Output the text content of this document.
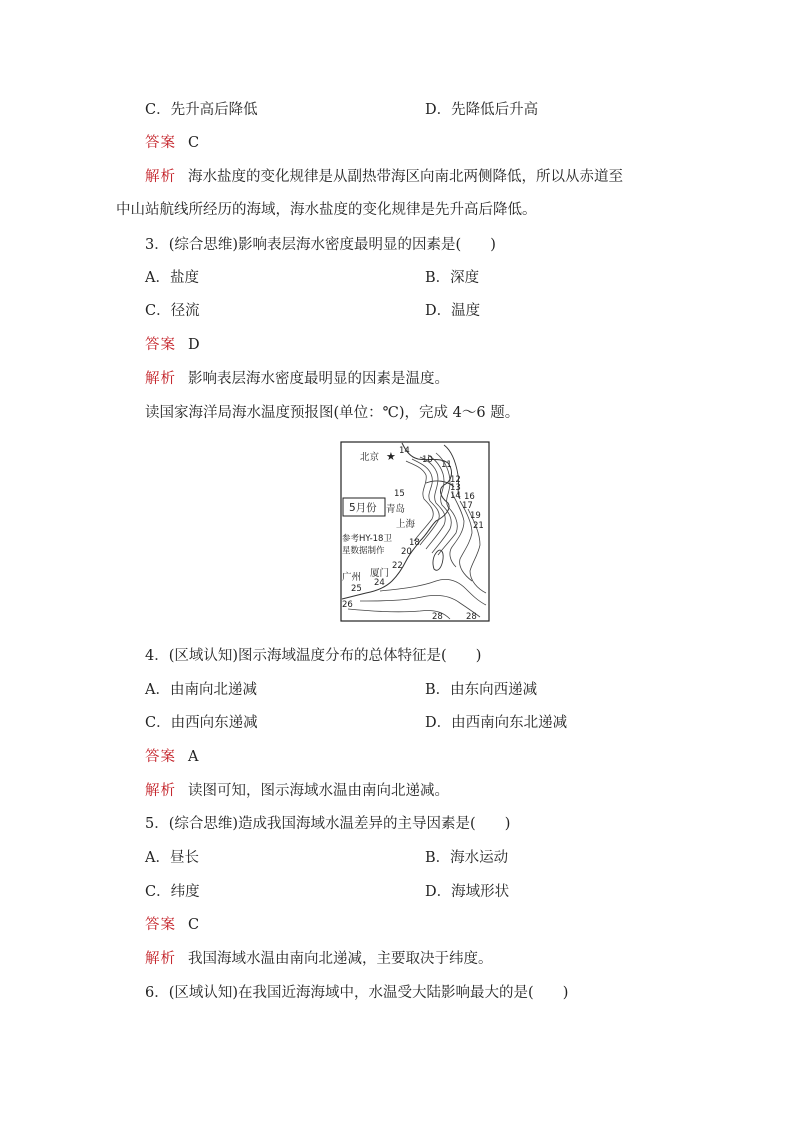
C．先升高后降低	D．先降低后升高
答案 C
解析 海水盐度的变化规律是从副热带海区向南北两侧降低，所以从赤道至
中山站航线所经历的海域，海水盐度的变化规律是先升高后降低。
3．(综合思维)影响表层海水密度最明显的因素是(　　)
A．盐度	B．深度
C．径流	D．温度
答案 D
解析 影响表层海水密度最明显的因素是温度。
读国家海洋局海水温度预报图(单位：℃)，完成 4～6 题。
★
北京
青岛
上海
厦门
广州
5月份
参考HY-18卫
星数据制作
14
10 11
12
13
14
15	16
17
19
21
18
20
22
24
25
26
28	28
4．(区域认知)图示海域温度分布的总体特征是(　　)
A．由南向北递减	B．由东向西递减
C．由西向东递减	D．由西南向东北递减
答案 A
解析 读图可知，图示海域水温由南向北递减。
5．(综合思维)造成我国海域水温差异的主导因素是(　　)
A．昼长	B．海水运动
C．纬度	D．海域形状
答案 C
解析 我国海域水温由南向北递减，主要取决于纬度。
6．(区域认知)在我国近海海域中，水温受大陆影响最大的是(　　)
